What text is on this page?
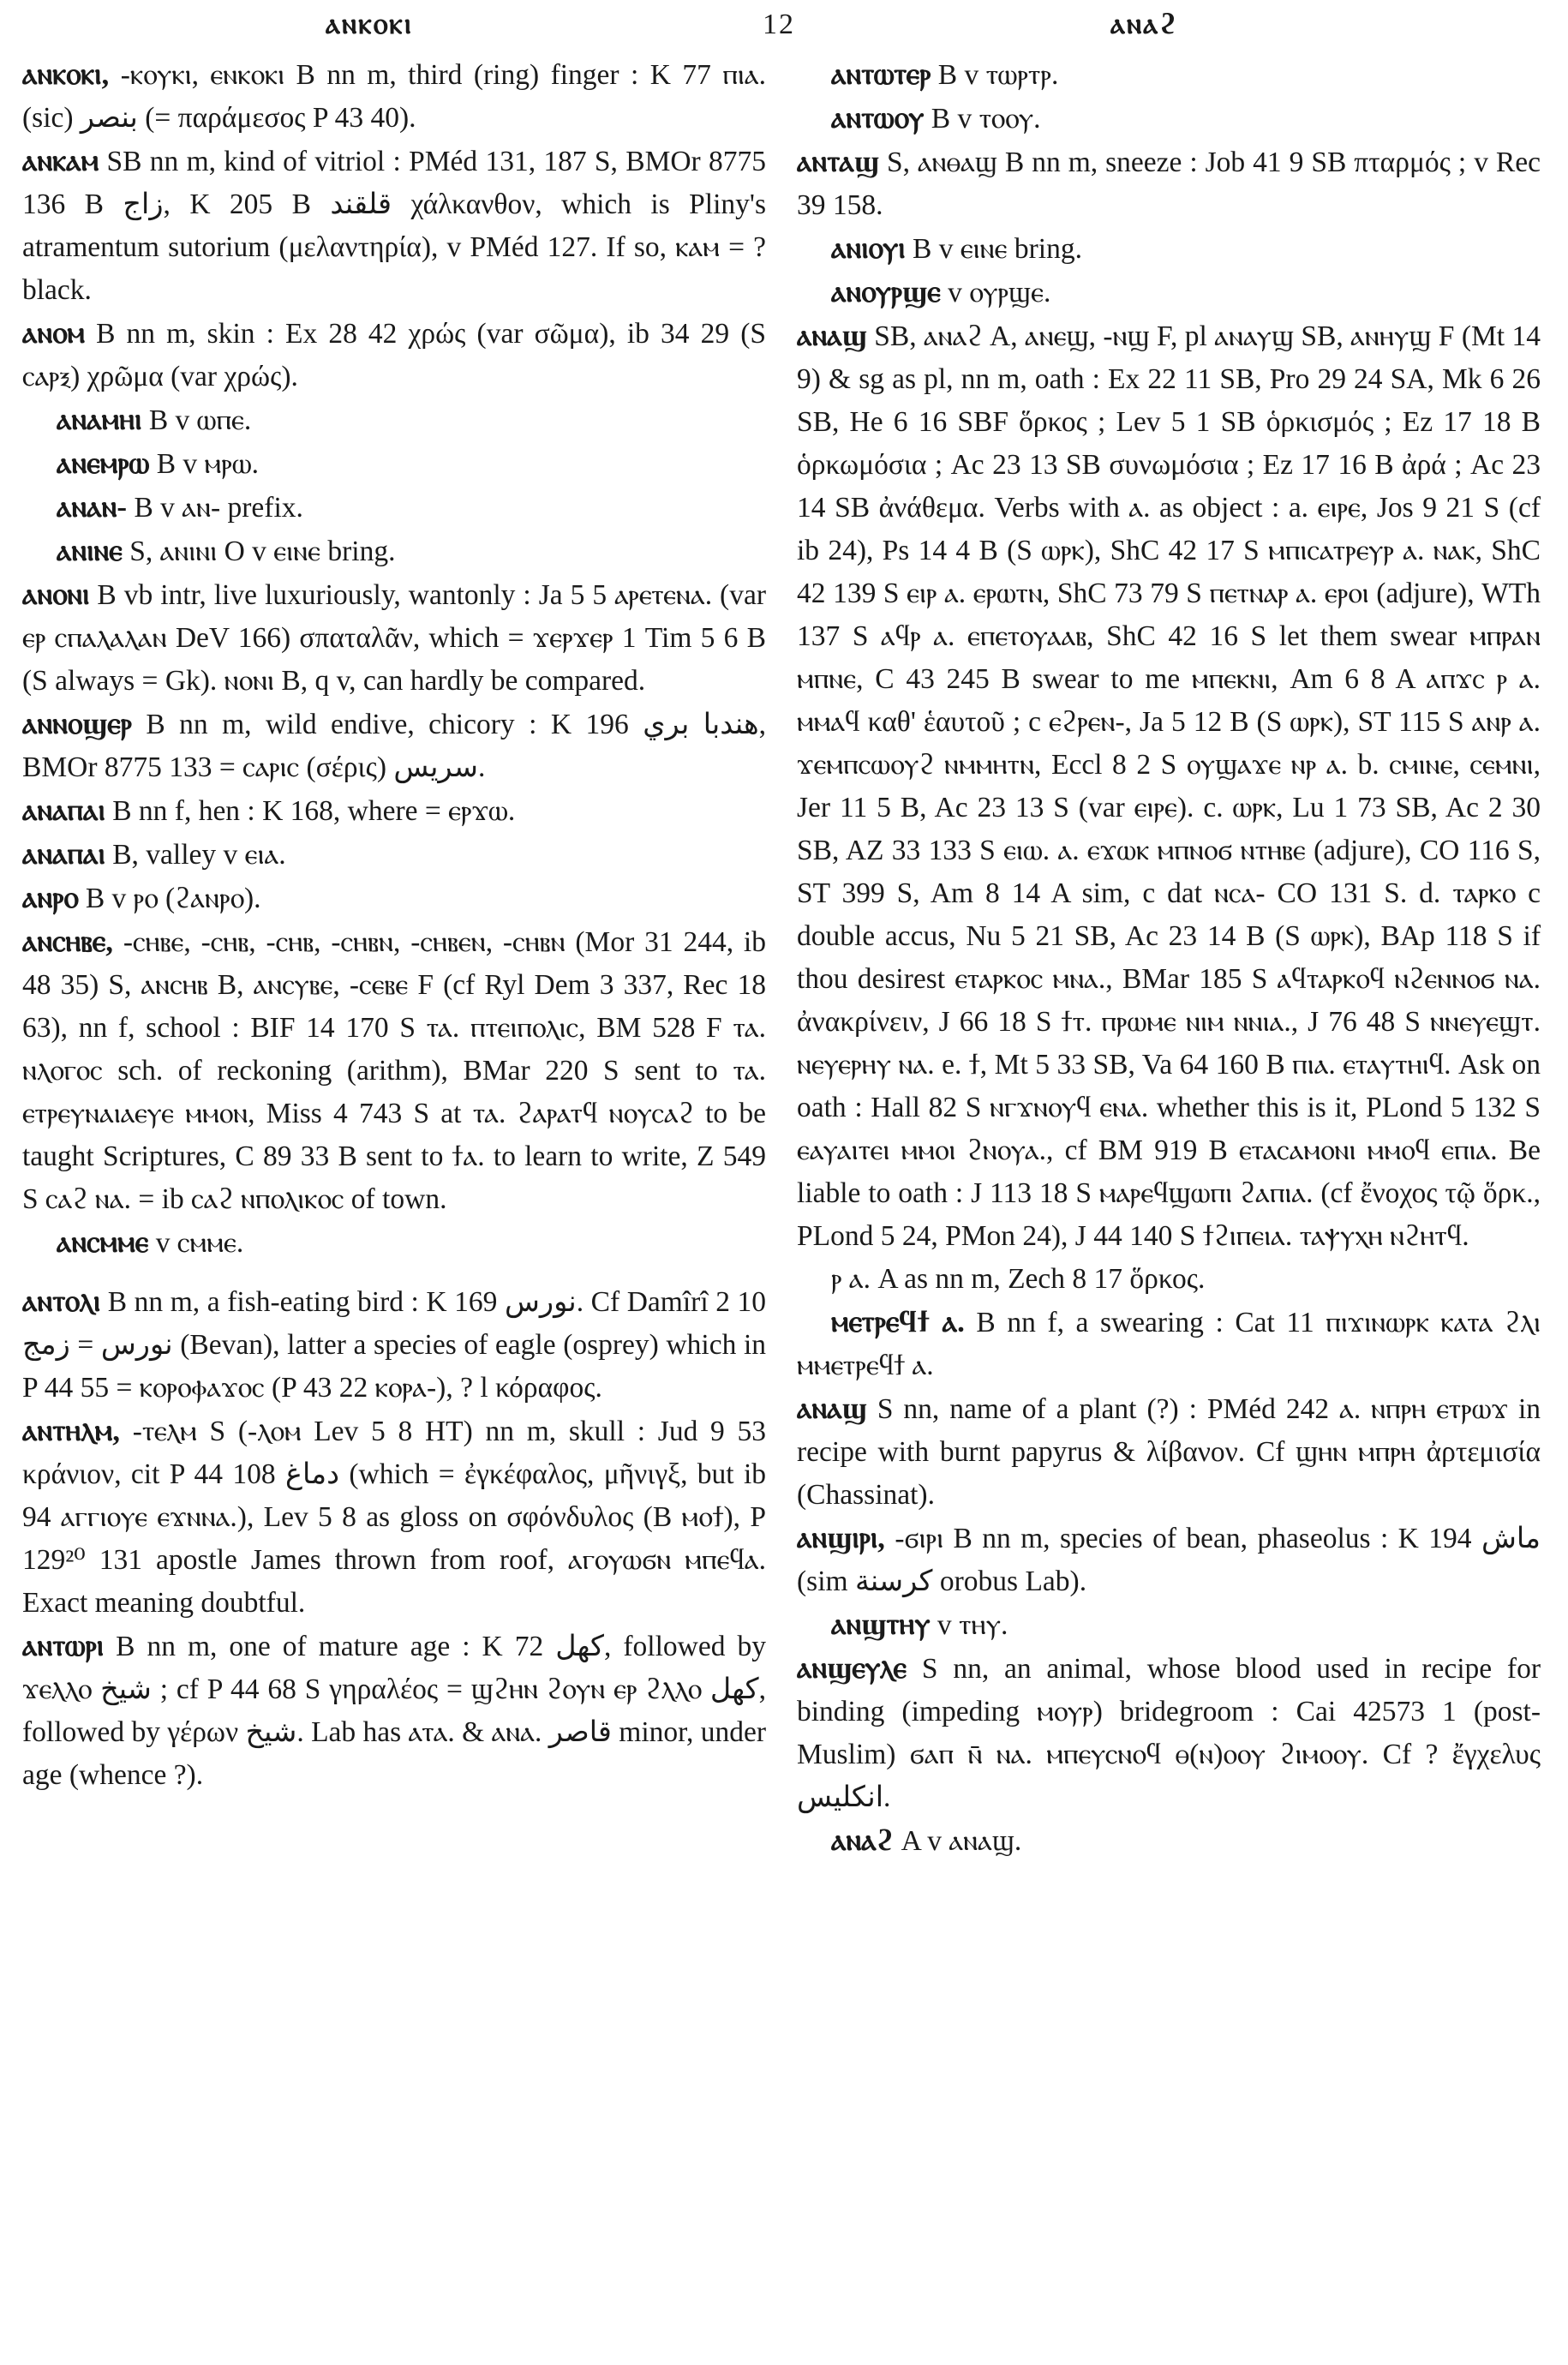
ⲁⲛⲕⲟⲕⲓ	12	ⲁⲛⲁϩ

ⲁⲛⲕⲟⲕⲓ, -ⲕⲟⲩⲕⲓ, ⲉⲛⲕⲟⲕⲓ B nn m, third (ring) finger : K 77 ⲡⲓⲁ. (sic) بنصر (= παράμεσος P 43 40).

ⲁⲛⲕⲁⲙ SB nn m, kind of vitriol : PMéd 131, 187 S, BMOr 8775 136 B زاج, K 205 B قلقند χάλκανθον, which is Pliny's atramentum sutorium (μελαντηρία), v PMéd 127. If so, ⲕⲁⲙ = ? black.

ⲁⲛⲟⲙ B nn m, skin : Ex 28 42 χρώς (var σῶμα), ib 34 29 (S ⲥⲁⲣⲝ) χρῶμα (var χρώς).

ⲁⲛⲁⲙⲏⲓ B v ⲱⲡⲉ.

ⲁⲛⲉⲙⲣⲱ B v ⲙⲣⲱ.

ⲁⲛⲁⲛ- B v ⲁⲛ- prefix.

ⲁⲛⲓⲛⲉ S, ⲁⲛⲓⲛⲓ O v ⲉⲓⲛⲉ bring.

ⲁⲛⲟⲛⲓ B vb intr, live luxuriously, wantonly : Ja 5 5 ⲁⲣⲉⲧⲉⲛⲁ. (var ⲉⲣ ⲥⲡⲁⲗⲁⲗⲁⲛ DeV 166) σπαταλᾶν, which = ϫⲉⲣϫⲉⲣ 1 Tim 5 6 B (S always = Gk). ⲛⲟⲛⲓ B, q v, can hardly be compared.

ⲁⲛⲛⲟϣⲉⲣ B nn m, wild endive, chicory : K 196 هندبا بري, BMOr 8775 133 = ⲥⲁⲣⲓⲥ (σέρις) سريس.

ⲁⲛⲁⲡⲁⲓ B nn f, hen : K 168, where = ⲉⲣϫⲱ.

ⲁⲛⲁⲡⲁⲓ B, valley v ⲉⲓⲁ.

ⲁⲛⲣⲟ B v ⲣⲟ (ϩⲁⲛⲣⲟ).

ⲁⲛⲥⲏⲃⲉ, -ⲥⲏⲃⲉ, -ⲥⲏⲃ, -ⲥⲏⲃ, -ⲥⲏⲃⲛ, -ⲥⲏⲃⲉⲛ, -ⲥⲏⲃⲛ (Mor 31 244, ib 48 35) S, ⲁⲛⲥⲏⲃ B, ⲁⲛⲥⲩⲃⲉ, -ⲥⲉⲃⲉ F (cf Ryl Dem 3 337, Rec 18 63), nn f, school : BIF 14 170 S ⲧⲁ. ⲡⲧⲉⲓⲡⲟⲗⲓⲥ, BM 528 F ⲧⲁ. ⲛⲗⲟⲅⲟⲥ sch. of reckoning (arithm), BMar 220 S sent to ⲧⲁ. ⲉⲧⲣⲉⲩⲛⲁⲓⲁⲉⲩⲉ ⲙⲙⲟⲛ, Miss 4 743 S at ⲧⲁ. ϩⲁⲣⲁⲧϥ ⲛⲟⲩⲥⲁϩ to be taught Scriptures, C 89 33 B sent to ϯⲁ. to learn to write, Z 549 S ⲥⲁϩ ⲛⲁ. = ib ⲥⲁϩ ⲛⲡⲟⲗⲓⲕⲟⲥ of town.

ⲁⲛⲥⲙⲙⲉ v ⲥⲙⲙⲉ.

ⲁⲛⲧⲟⲗⲓ B nn m, a fish-eating bird : K 169 نورس. Cf Damîrî 2 10 نورس = زمج (Bevan), latter a species of eagle (osprey) which in P 44 55 = ⲕⲟⲣⲟⲫⲁϫⲟⲥ (P 43 22 ⲕⲟⲣⲁ-), ? l κόραφος.

ⲁⲛⲧⲏⲗⲙ, -ⲧⲉⲗⲙ S (-ⲗⲟⲙ Lev 5 8 HT) nn m, skull : Jud 9 53 κράνιον, cit P 44 108 دماغ (which = ἐγκέφαλος, μῆνιγξ, but ib 94 ⲁⲅⲅⲓⲟⲩⲉ ⲉϫⲛⲛⲁ.), Lev 5 8 as gloss on σφόνδυλος (B ⲙⲟϯ), P 129²⁰ 131 apostle James thrown from roof, ⲁⲅⲟⲩⲱϭⲛ ⲙⲡⲉϥⲁ. Exact meaning doubtful.

ⲁⲛⲧⲱⲣⲓ B nn m, one of mature age : K 72 كهل, followed by ϫⲉⲗⲗⲟ شيخ ; cf P 44 68 S γηραλέος = ϣϩⲏⲛ ϩⲟⲩⲛ ⲉⲣ ϩⲗⲗⲟ كهل, followed by γέρων شيخ. Lab has ⲁⲧⲁ. & ⲁⲛⲁ. قاصر minor, under age (whence ?).

ⲁⲛⲧⲱⲧⲉⲣ B v ⲧⲱⲣⲧⲣ.

ⲁⲛⲧⲱⲟⲩ B v ⲧⲟⲟⲩ.

ⲁⲛⲧⲁϣ S, ⲁⲛⲑⲁϣ B nn m, sneeze : Job 41 9 SB πταρμός ; v Rec 39 158.

ⲁⲛⲓⲟⲩⲓ B v ⲉⲓⲛⲉ bring.

ⲁⲛⲟⲩⲣϣⲉ v ⲟⲩⲣϣⲉ.

ⲁⲛⲁϣ SB, ⲁⲛⲁϩ A, ⲁⲛⲉϣ, -ⲛϣ F, pl ⲁⲛⲁⲩϣ SB, ⲁⲛⲏⲩϣ F (Mt 14 9) & sg as pl, nn m, oath : Ex 22 11 SB, Pro 29 24 SA, Mk 6 26 SB, He 6 16 SBF ὅρκος ; Lev 5 1 SB ὁρκισμός ; Ez 17 18 B ὁρκωμόσια ; Ac 23 13 SB συνωμόσια ; Ez 17 16 B ἀρά ; Ac 23 14 SB ἀνάθεμα. Verbs with ⲁ. as object : a. ⲉⲓⲣⲉ, Jos 9 21 S (cf ib 24), Ps 14 4 B (S ⲱⲣⲕ), ShC 42 17 S ⲙⲡⲓⲥⲁⲧⲣⲉⲩⲣ ⲁ. ⲛⲁⲕ, ShC 42 139 S ⲉⲓⲣ ⲁ. ⲉⲣⲱⲧⲛ, ShC 73 79 S ⲡⲉⲧⲛⲁⲣ ⲁ. ⲉⲣⲟⲓ (adjure), WTh 137 S ⲁϥⲣ ⲁ. ⲉⲡⲉⲧⲟⲩⲁⲁⲃ, ShC 42 16 S let them swear ⲙⲡⲣⲁⲛ ⲙⲡⲛⲉ, C 43 245 B swear to me ⲙⲡⲉⲕⲛⲓ, Am 6 8 A ⲁⲡϫⲥ ⲣ ⲁ. ⲙⲙⲁϥ καθ' ἑαυτοῦ ; c ⲉϩⲣⲉⲛ-, Ja 5 12 B (S ⲱⲣⲕ), ST 115 S ⲁⲛⲣ ⲁ. ϫⲉⲙⲡⲥⲱⲟⲩϩ ⲛⲙⲙⲏⲧⲛ, Eccl 8 2 S ⲟⲩϣⲁϫⲉ ⲛⲣ ⲁ. b. ⲥⲙⲓⲛⲉ, ⲥⲉⲙⲛⲓ, Jer 11 5 B, Ac 23 13 S (var ⲉⲓⲣⲉ). c. ⲱⲣⲕ, Lu 1 73 SB, Ac 2 30 SB, AZ 33 133 S ⲉⲓⲱ. ⲁ. ⲉϫⲱⲕ ⲙⲡⲛⲟϭ ⲛⲧⲏⲃⲉ (adjure), CO 116 S, ST 399 S, Am 8 14 A sim, c dat ⲛⲥⲁ- CO 131 S. d. ⲧⲁⲣⲕⲟ c double accus, Nu 5 21 SB, Ac 23 14 B (S ⲱⲣⲕ), BAp 118 S if thou desirest ⲉⲧⲁⲣⲕⲟⲥ ⲙⲛⲁ., BMar 185 S ⲁϥⲧⲁⲣⲕⲟϥ ⲛϩⲉⲛⲛⲟϭ ⲛⲁ. ἀνακρίνειν, J 66 18 S ϯⲧ. ⲡⲣⲱⲙⲉ ⲛⲓⲙ ⲛⲛⲓⲁ., J 76 48 S ⲛⲛⲉⲩⲉϣⲧ. ⲛⲉⲩⲉⲣⲏⲩ ⲛⲁ. e. ϯ, Mt 5 33 SB, Va 64 160 B ⲡⲓⲁ. ⲉⲧⲁⲩⲧⲏⲓϥ. Ask on oath : Hall 82 S ⲛⲅϫⲛⲟⲩϥ ⲉⲛⲁ. whether this is it, PLond 5 132 S ⲉⲁⲩⲁⲓⲧⲉⲓ ⲙⲙⲟⲓ ϩⲛⲟⲩⲁ., cf BM 919 B ⲉⲧⲁⲥⲁⲙⲟⲛⲓ ⲙⲙⲟϥ ⲉⲡⲓⲁ. Be liable to oath : J 113 18 S ⲙⲁⲣⲉϥϣⲱⲡⲓ ϩⲁⲡⲓⲁ. (cf ἔνοχος τῷ ὅρκ., PLond 5 24, PMon 24), J 44 140 S ϯϩⲓⲡⲉⲓⲁ. ⲧⲁⲯⲩⲭⲏ ⲛϩⲏⲧϥ.

ⲣ ⲁ. A as nn m, Zech 8 17 ὅρκος.

ⲙⲉⲧⲣⲉϥϯ ⲁ. B nn f, a swearing : Cat 11 ⲡⲓϫⲓⲛⲱⲣⲕ ⲕⲁⲧⲁ ϩⲗⲓ ⲙⲙⲉⲧⲣⲉϥϯ ⲁ.

ⲁⲛⲁϣ S nn, name of a plant (?) : PMéd 242 ⲁ. ⲛⲡⲣⲏ ⲉⲧⲣⲱϫ in recipe with burnt papyrus & λίβανον. Cf ϣⲏⲛ ⲙⲡⲣⲏ ἀρτεμισία (Chassinat).

ⲁⲛϣⲓⲣⲓ, -ϭⲓⲣⲓ B nn m, species of bean, phaseolus : K 194 ماش (sim كرسنة orobus Lab).

ⲁⲛϣⲧⲏⲩ v ⲧⲏⲩ.

ⲁⲛϣⲉⲩⲗⲉ S nn, an animal, whose blood used in recipe for binding (impeding ⲙⲟⲩⲣ) bridegroom : Cai 42573 1 (post-Muslim) ϭⲁⲡ ⲛ̄ ⲛⲁ. ⲙⲡⲉⲩⲥⲛⲟϥ ⲑ(ⲛ)ⲟⲟⲩ ϩⲓⲙⲟⲟⲩ. Cf ? ἔγχελυς انكليس.

ⲁⲛⲁϩ A v ⲁⲛⲁϣ.
